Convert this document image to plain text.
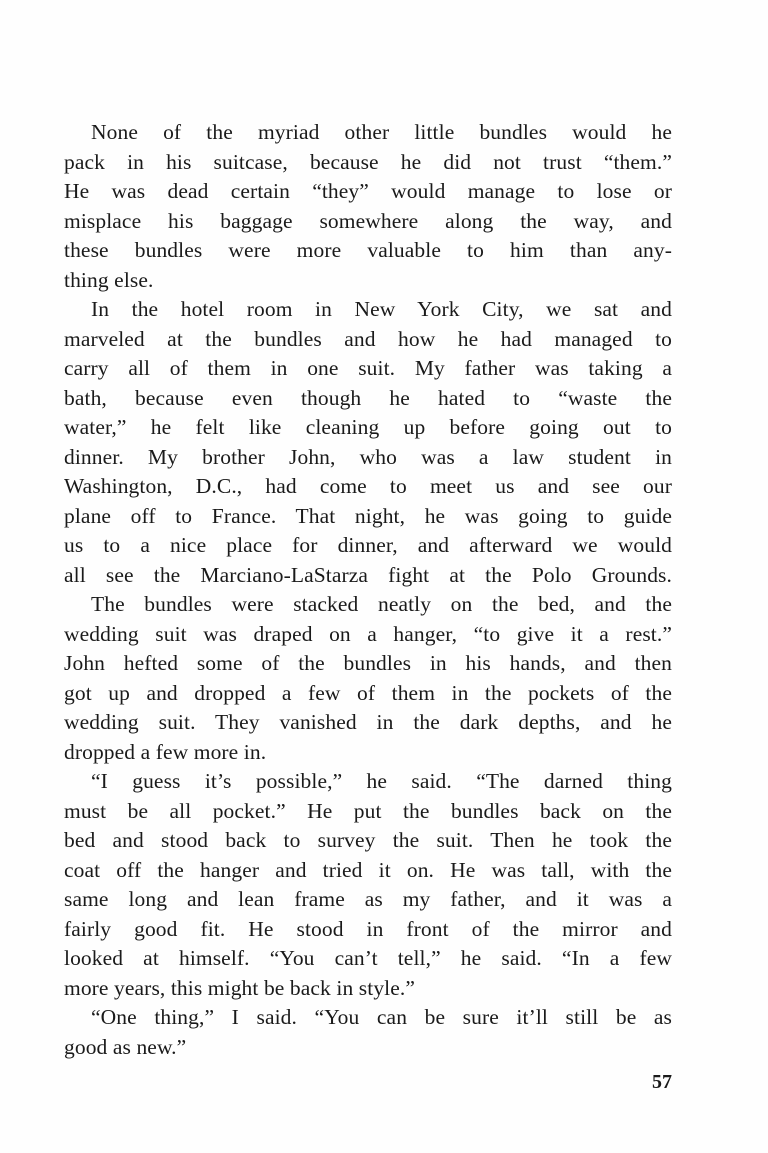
None of the myriad other little bundles would he
pack in his suitcase, because he did not trust “them.”
He was dead certain “they” would manage to lose or
misplace his baggage somewhere along the way, and
these bundles were more valuable to him than any-
thing else.
In the hotel room in New York City, we sat and
marveled at the bundles and how he had managed to
carry all of them in one suit. My father was taking a
bath, because even though he hated to “waste the
water,” he felt like cleaning up before going out to
dinner. My brother John, who was a law student in
Washington, D.C., had come to meet us and see our
plane off to France. That night, he was going to guide
us to a nice place for dinner, and afterward we would
all see the Marciano-LaStarza fight at the Polo Grounds.
The bundles were stacked neatly on the bed, and the
wedding suit was draped on a hanger, “to give it a rest.”
John hefted some of the bundles in his hands, and then
got up and dropped a few of them in the pockets of the
wedding suit. They vanished in the dark depths, and he
dropped a few more in.
“I guess it’s possible,” he said. “The darned thing
must be all pocket.” He put the bundles back on the
bed and stood back to survey the suit. Then he took the
coat off the hanger and tried it on. He was tall, with the
same long and lean frame as my father, and it was a
fairly good fit. He stood in front of the mirror and
looked at himself. “You can’t tell,” he said. “In a few
more years, this might be back in style.”
“One thing,” I said. “You can be sure it’ll still be as
good as new.”
57
